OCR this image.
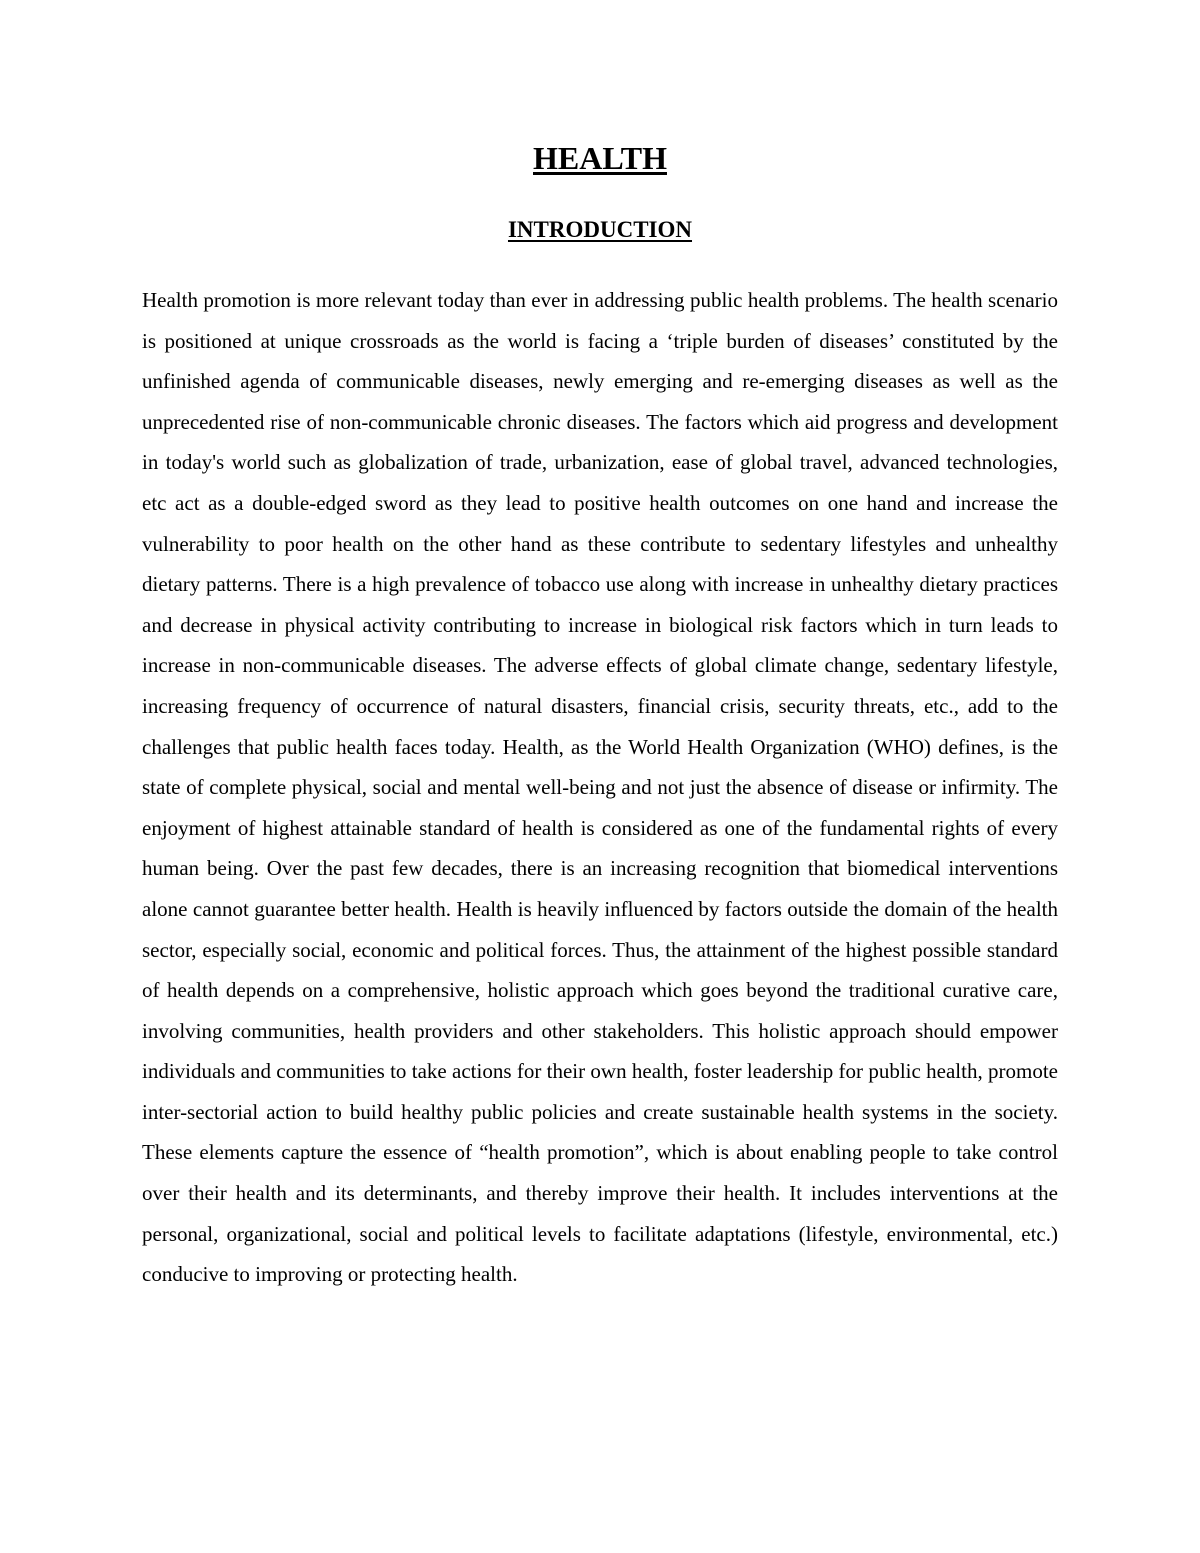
HEALTH
INTRODUCTION

Health promotion is more relevant today than ever in addressing public health problems. The health scenario is positioned at unique crossroads as the world is facing a ‘triple burden of diseases’ constituted by the unfinished agenda of communicable diseases, newly emerging and re-emerging diseases as well as the unprecedented rise of non-communicable chronic diseases. The factors which aid progress and development in today's world such as globalization of trade, urbanization, ease of global travel, advanced technologies, etc act as a double-edged sword as they lead to positive health outcomes on one hand and increase the vulnerability to poor health on the other hand as these contribute to sedentary lifestyles and unhealthy dietary patterns. There is a high prevalence of tobacco use along with increase in unhealthy dietary practices and decrease in physical activity contributing to increase in biological risk factors which in turn leads to increase in non-communicable diseases. The adverse effects of global climate change, sedentary lifestyle, increasing frequency of occurrence of natural disasters, financial crisis, security threats, etc., add to the challenges that public health faces today. Health, as the World Health Organization (WHO) defines, is the state of complete physical, social and mental well-being and not just the absence of disease or infirmity. The enjoyment of highest attainable standard of health is considered as one of the fundamental rights of every human being. Over the past few decades, there is an increasing recognition that biomedical interventions alone cannot guarantee better health. Health is heavily influenced by factors outside the domain of the health sector, especially social, economic and political forces. Thus, the attainment of the highest possible standard of health depends on a comprehensive, holistic approach which goes beyond the traditional curative care, involving communities, health providers and other stakeholders. This holistic approach should empower individuals and communities to take actions for their own health, foster leadership for public health, promote inter-sectorial action to build healthy public policies and create sustainable health systems in the society. These elements capture the essence of “health promotion”, which is about enabling people to take control over their health and its determinants, and thereby improve their health. It includes interventions at the personal, organizational, social and political levels to facilitate adaptations (lifestyle, environmental, etc.) conducive to improving or protecting health.
